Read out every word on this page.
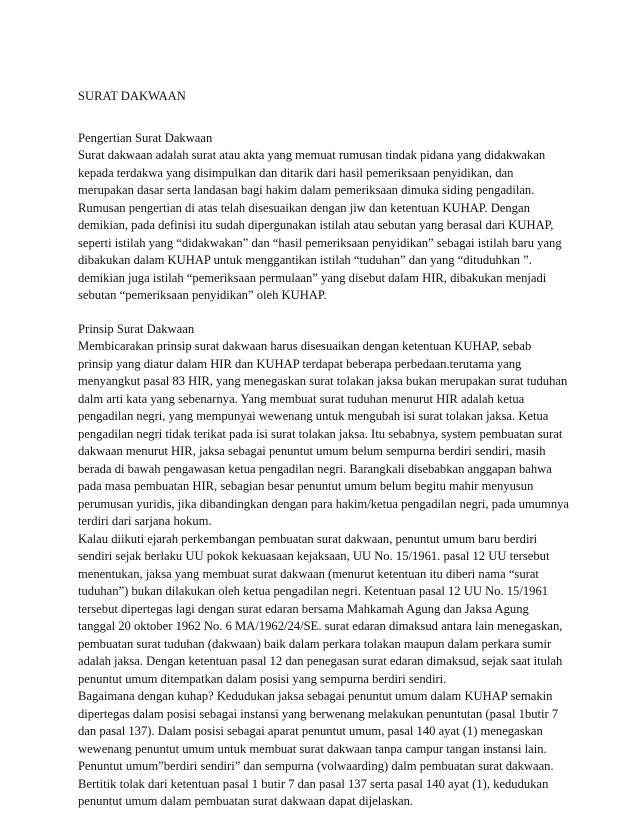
SURAT DAKWAAN
Pengertian Surat Dakwaan
Surat dakwaan adalah surat atau akta yang memuat rumusan tindak pidana yang didakwakan
kepada terdakwa yang disimpulkan dan ditarik dari hasil pemeriksaan penyidikan, dan
merupakan dasar serta landasan bagi hakim dalam pemeriksaan dimuka siding pengadilan.
Rumusan pengertian di atas telah disesuaikan dengan jiw dan ketentuan KUHAP. Dengan
demikian, pada definisi itu sudah dipergunakan istilah atau sebutan yang berasal dari KUHAP,
seperti istilah yang “didakwakan” dan “hasil pemeriksaan penyidikan” sebagai istilah baru yang
dibakukan dalam KUHAP untuk menggantikan istilah “tuduhan” dan yang “dituduhkan ”.
demikian juga istilah “pemeriksaan permulaan” yang disebut dalam HIR, dibakukan menjadi
sebutan “pemeriksaan penyidikan” oleh KUHAP.
Prinsip Surat Dakwaan
Membicarakan prinsip surat dakwaan harus disesuaikan dengan ketentuan KUHAP, sebab
prinsip yang diatur dalam HIR dan KUHAP terdapat beberapa perbedaan.terutama yang
menyangkut pasal 83 HIR, yang menegaskan surat tolakan jaksa bukan merupakan surat tuduhan
dalm arti kata yang sebenarnya. Yang membuat surat tuduhan menurut HIR adalah ketua
pengadilan negri, yang mempunyai wewenang untuk mengubah isi surat tolakan jaksa. Ketua
pengadilan negri tidak terikat pada isi surat tolakan jaksa. Itu sebabnya, system pembuatan surat
dakwaan menurut HIR, jaksa sebagai penuntut umum belum sempurna berdiri sendiri, masih
berada di bawah pengawasan ketua pengadilan negri. Barangkali disebabkan anggapan bahwa
pada masa pembuatan HIR, sebagian besar penuntut umum belum begitu mahir menyusun
perumusan yuridis, jika dibandingkan dengan para hakim/ketua pengadilan negri, pada umumnya
terdiri dari sarjana hokum.
Kalau diikuti ejarah perkembangan pembuatan surat dakwaan, penuntut umum baru berdiri
sendiri sejak berlaku UU pokok kekuasaan kejaksaan, UU No. 15/1961. pasal 12 UU tersebut
menentukan, jaksa yang membuat surat dakwaan (menurut ketentuan itu diberi nama “surat
tuduhan”) bukan dilakukan oleh ketua pengadilan negri. Ketentuan pasal 12 UU No. 15/1961
tersebut dipertegas lagi dengan surat edaran bersama Mahkamah Agung dan Jaksa Agung
tanggal 20 oktober 1962 No. 6 MA/1962/24/SE. surat edaran dimaksud antara lain menegaskan,
pembuatan surat tuduhan (dakwaan) baik dalam perkara tolakan maupun dalam perkara sumir
adalah jaksa. Dengan ketentuan pasal 12 dan penegasan surat edaran dimaksud, sejak saat itulah
penuntut umum ditempatkan dalam posisi yang sempurna berdiri sendiri.
Bagaimana dengan kuhap? Kedudukan jaksa sebagai penuntut umum dalam KUHAP semakin
dipertegas dalam posisi sebagai instansi yang berwenang melakukan penuntutan (pasal 1butir 7
dan pasal 137). Dalam posisi sebagai aparat penuntut umum, pasal 140 ayat (1) menegaskan
wewenang penuntut umum untuk membuat surat dakwaan tanpa campur tangan instansi lain.
Penuntut umum”berdiri sendiri” dan sempurna (volwaarding) dalm pembuatan surat dakwaan.
Bertitik tolak dari ketentuan pasal 1 butir 7 dan pasal 137 serta pasal 140 ayat (1), kedudukan
penuntut umum dalam pembuatan surat dakwaan dapat dijelaskan.
